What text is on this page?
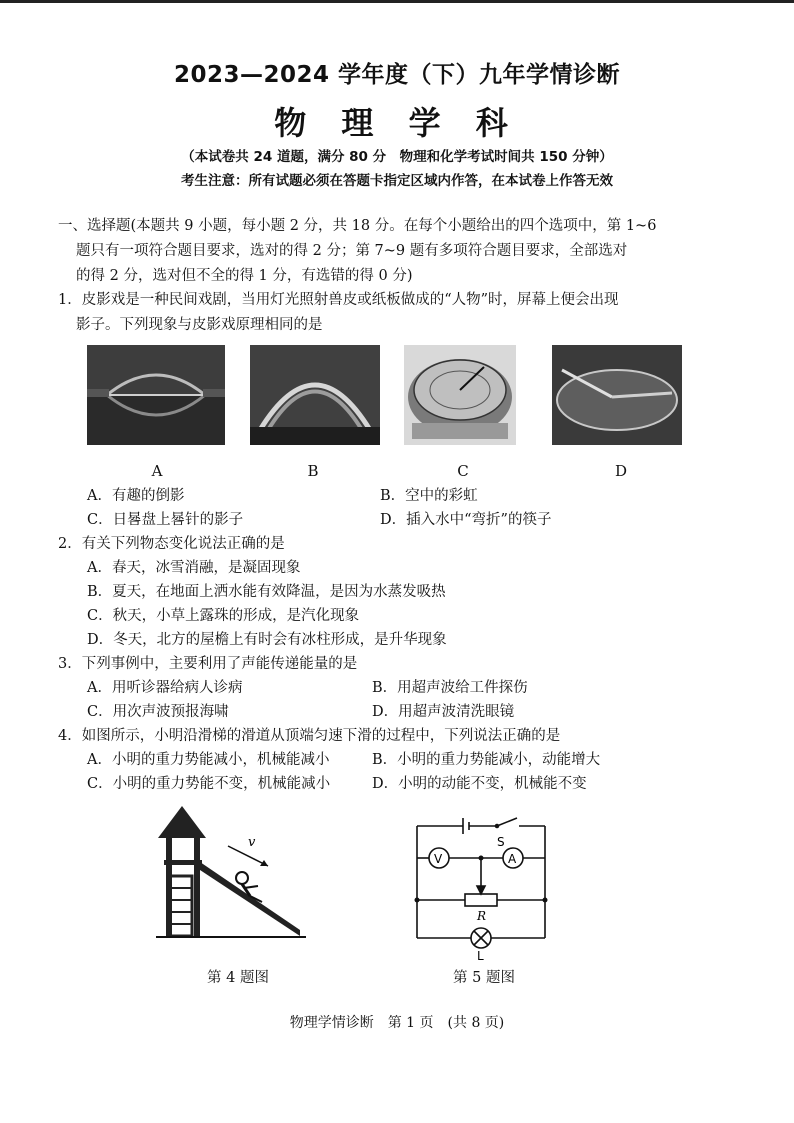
2023—2024 学年度（下）九年学情诊断
物 理 学 科
（本试卷共 24 道题，满分 80 分　物理和化学考试时间共 150 分钟）
考生注意：所有试题必须在答题卡指定区域内作答，在本试卷上作答无效
一、选择题(本题共 9 小题，每小题 2 分，共 18 分。在每个小题给出的四个选项中，第 1~6
题只有一项符合题目要求，选对的得 2 分；第 7~9 题有多项符合题目要求，全部选对
的得 2 分，选对但不全的得 1 分，有选错的得 0 分)
1．皮影戏是一种民间戏剧，当用灯光照射兽皮或纸板做成的“人物”时，屏幕上便会出现
影子。下列现象与皮影戏原理相同的是
A	B	C	D
A．有趣的倒影	B．空中的彩虹
C．日晷盘上晷针的影子	D．插入水中“弯折”的筷子
2．有关下列物态变化说法正确的是
A．春天，冰雪消融，是凝固现象
B．夏天，在地面上洒水能有效降温，是因为水蒸发吸热
C．秋天，小草上露珠的形成，是汽化现象
D．冬天，北方的屋檐上有时会有冰柱形成，是升华现象
3．下列事例中，主要利用了声能传递能量的是
A．用听诊器给病人诊病	B．用超声波给工件探伤
C．用次声波预报海啸	D．用超声波清洗眼镜
4．如图所示，小明沿滑梯的滑道从顶端匀速下滑的过程中，下列说法正确的是
A．小明的重力势能减小，机械能减小	B．小明的重力势能减小，动能增大
C．小明的重力势能不变，机械能减小	D．小明的动能不变，机械能不变
v
第 4 题图
S
V	A
R
L
第 5 题图
物理学情诊断　第 1 页　(共 8 页)
